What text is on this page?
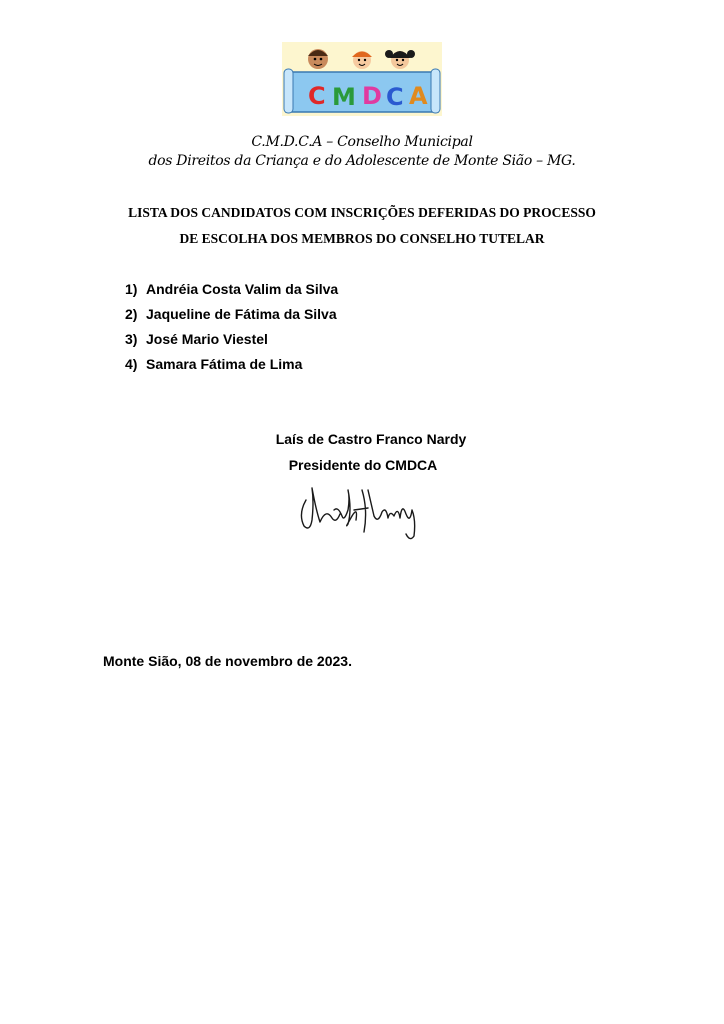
C M D C A
C.M.D.C.A – Conselho Municipal
dos Direitos da Criança e do Adolescente de Monte Sião – MG.
LISTA DOS CANDIDATOS COM INSCRIÇÕES DEFERIDAS DO PROCESSO
DE ESCOLHA DOS MEMBROS DO CONSELHO TUTELAR
1) Andréia Costa Valim da Silva
2) Jaqueline de Fátima da Silva
3) José Mario Viestel
4) Samara Fátima de Lima
Laís de Castro Franco Nardy
Presidente do CMDCA
Monte Sião, 08 de novembro de 2023.
